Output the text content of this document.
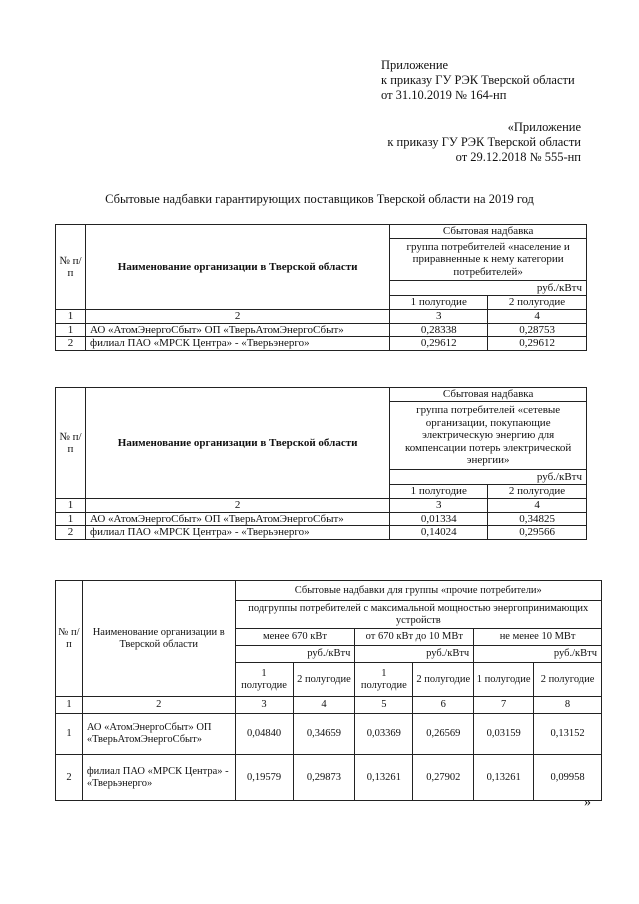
Приложение
к приказу ГУ РЭК Тверской области
от 31.10.2019 № 164-нп
«Приложение
к приказу ГУ РЭК Тверской области
от 29.12.2018 № 555-нп
Сбытовые надбавки гарантирующих поставщиков Тверской области на 2019 год
№ п/п	Наименование организации в Тверской области	Сбытовая надбавка	
		группа потребителей «население и приравненные к нему категории потребителей»	
		руб./кВтч	
		1 полугодие	2 полугодие
1	2	3	4
1	АО «АтомЭнергоСбыт» ОП «ТверьАтомЭнергоСбыт»	0,28338	0,28753
2	филиал ПАО «МРСК Центра» - «Тверьэнерго»	0,29612	0,29612
№ п/п	Наименование организации в Тверской области	Сбытовая надбавка	
		группа потребителей «сетевые организации, покупающие электрическую энергию для компенсации потерь электрической энергии»	
		руб./кВтч	
		1 полугодие	2 полугодие
1	2	3	4
1	АО «АтомЭнергоСбыт» ОП «ТверьАтомЭнергоСбыт»	0,01334	0,34825
2	филиал ПАО «МРСК Центра» - «Тверьэнерго»	0,14024	0,29566
№ п/п	Наименование организации в Тверской области	Сбытовые надбавки для группы «прочие потребители»					
		подгруппы потребителей с максимальной мощностью энергопринимающих устройств					
		менее 670 кВт		от 670 кВт до 10 МВт		не менее 10 МВт	
		руб./кВтч		руб./кВтч		руб./кВтч	
		1 полугодие	2 полугодие	1 полугодие	2 полугодие	1 полугодие	2 полугодие
1	2	3	4	5	6	7	8
1	АО «АтомЭнергоСбыт» ОП «ТверьАтомЭнергоСбыт»	0,04840	0,34659	0,03369	0,26569	0,03159	0,13152
2	филиал ПАО «МРСК Центра» - «Тверьэнерго»	0,19579	0,29873	0,13261	0,27902	0,13261	0,09958
»
